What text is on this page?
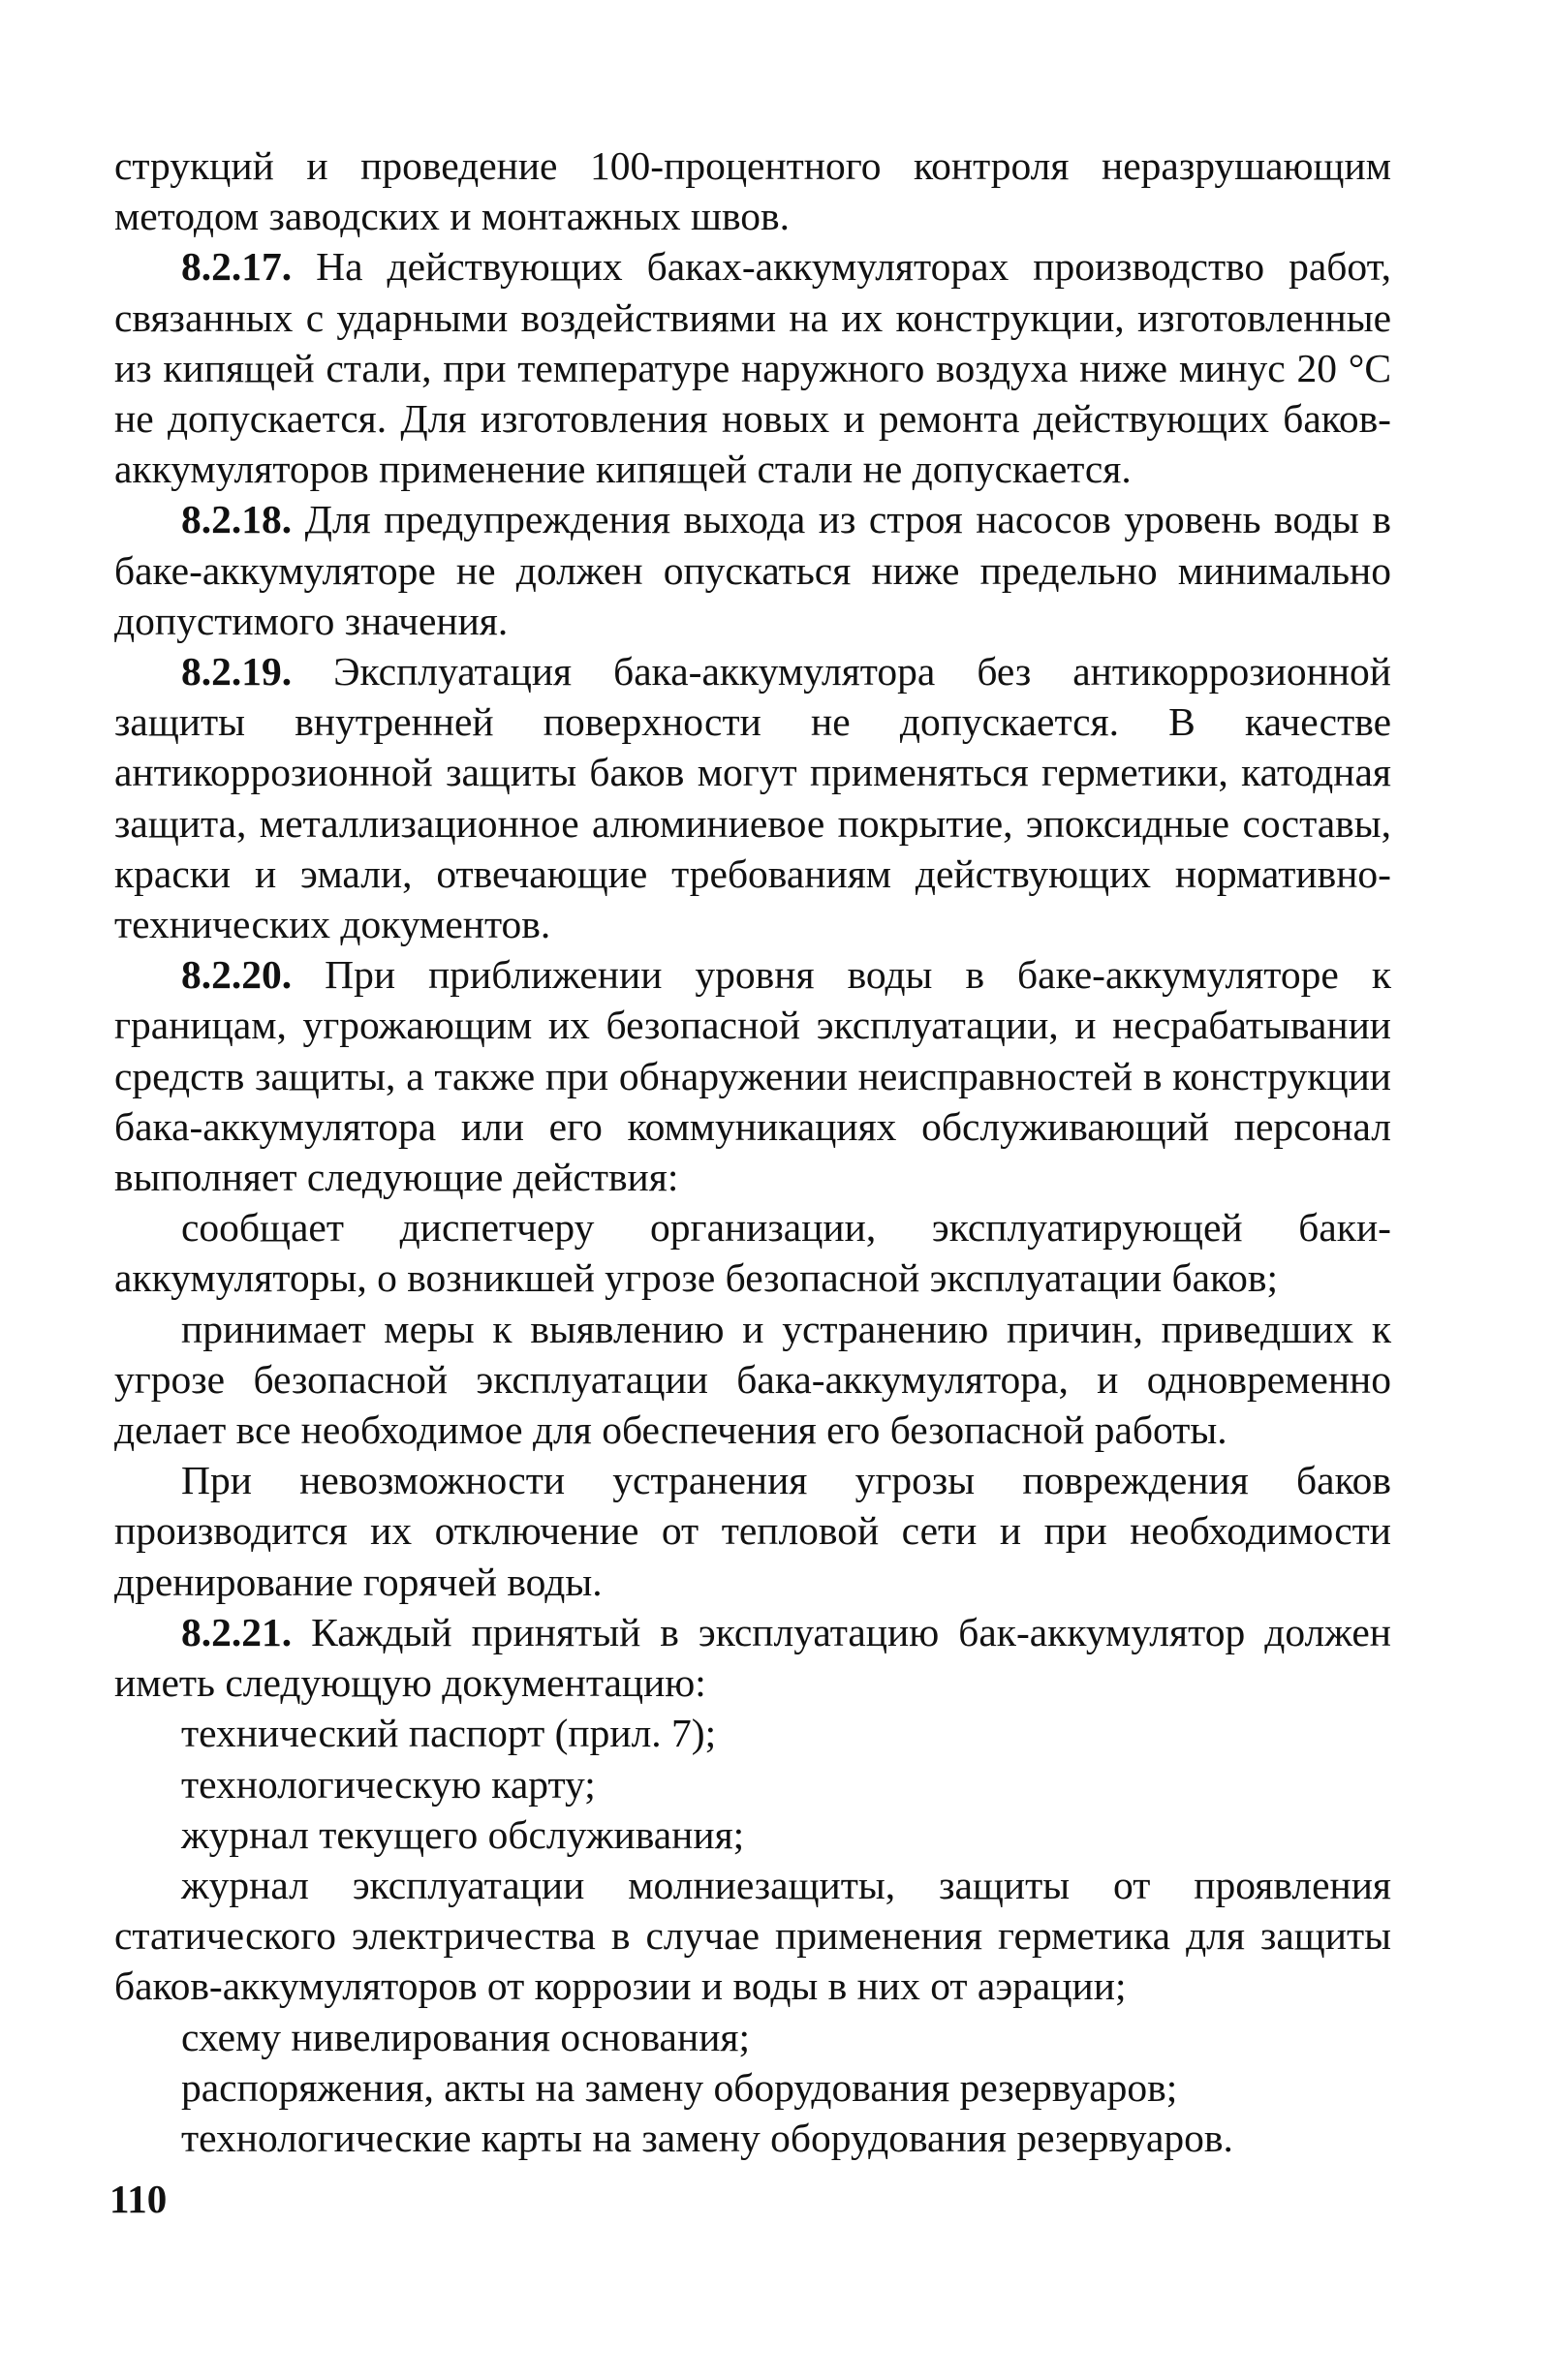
струкций и проведение 100-процентного контроля неразрушающим методом заводских и монтажных швов.

8.2.17. На действующих баках-аккумуляторах производство работ, связанных с ударными воздействиями на их конструкции, изготовленные из кипящей стали, при температуре наружного воздуха ниже минус 20 °С не допускается. Для изготовления новых и ремонта действующих баков-аккумуляторов применение кипящей стали не допускается.

8.2.18. Для предупреждения выхода из строя насосов уровень воды в баке-аккумуляторе не должен опускаться ниже предельно минимально допустимого значения.

8.2.19. Эксплуатация бака-аккумулятора без антикоррозионной защиты внутренней поверхности не допускается. В качестве антикоррозионной защиты баков могут применяться герметики, катодная защита, металлизационное алюминиевое покрытие, эпоксидные составы, краски и эмали, отвечающие требованиям действующих нормативно-технических документов.

8.2.20. При приближении уровня воды в баке-аккумуляторе к границам, угрожающим их безопасной эксплуатации, и несрабатывании средств защиты, а также при обнаружении неисправностей в конструкции бака-аккумулятора или его коммуникациях обслуживающий персонал выполняет следующие действия:

сообщает диспетчеру организации, эксплуатирующей баки-аккумуляторы, о возникшей угрозе безопасной эксплуатации баков;

принимает меры к выявлению и устранению причин, приведших к угрозе безопасной эксплуатации бака-аккумулятора, и одновременно делает все необходимое для обеспечения его безопасной работы.

При невозможности устранения угрозы повреждения баков производится их отключение от тепловой сети и при необходимости дренирование горячей воды.

8.2.21. Каждый принятый в эксплуатацию бак-аккумулятор должен иметь следующую документацию:

технический паспорт (прил. 7);

технологическую карту;

журнал текущего обслуживания;

журнал эксплуатации молниезащиты, защиты от проявления статического электричества в случае применения герметика для защиты баков-аккумуляторов от коррозии и воды в них от аэрации;

схему нивелирования основания;

распоряжения, акты на замену оборудования резервуаров;

технологические карты на замену оборудования резервуаров.

110
